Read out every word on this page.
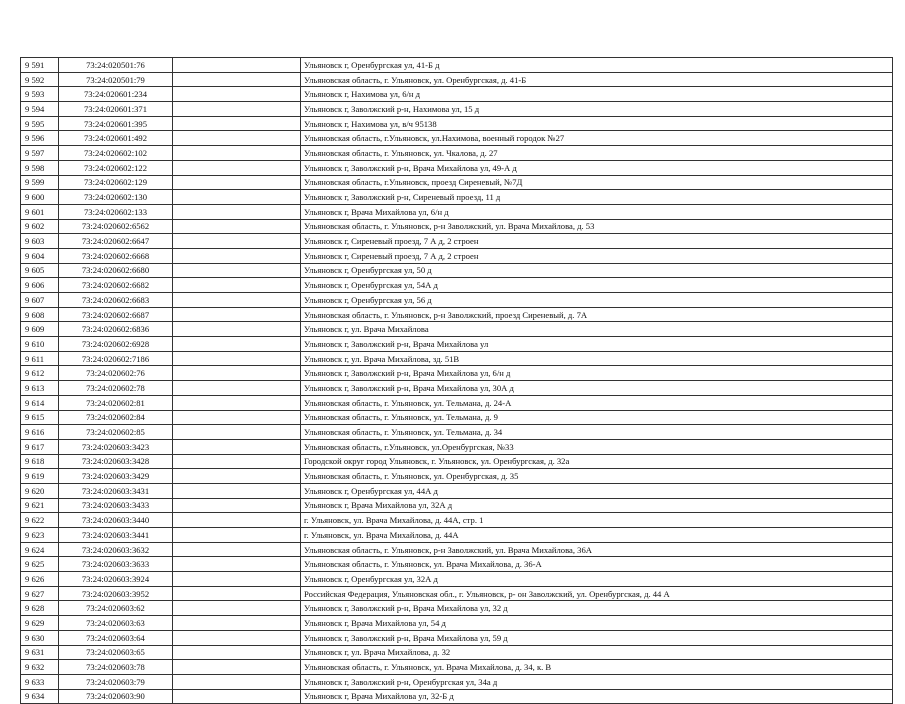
9 591	73:24:020501:76		Ульяновск г, Оренбургская ул, 41-Б д
9 592	73:24:020501:79		Ульяновская область, г. Ульяновск, ул. Оренбургская, д. 41-Б
9 593	73:24:020601:234		Ульяновск г, Нахимова ул, 6/н д
9 594	73:24:020601:371		Ульяновск г, Заволжский р-н, Нахимова ул, 15 д
9 595	73:24:020601:395		Ульяновск г, Нахимова ул, в/ч 95138
9 596	73:24:020601:492		Ульяновская область, г.Ульяновск, ул.Нахимова, военный городок №27
9 597	73:24:020602:102		Ульяновская область, г. Ульяновск, ул. Чкалова, д. 27
9 598	73:24:020602:122		Ульяновск г, Заволжский р-н, Врача Михайлова ул, 49-А д
9 599	73:24:020602:129		Ульяновская область, г.Ульяновск, проезд Сиреневый, №7Д
9 600	73:24:020602:130		Ульяновск г, Заволжский р-н, Сиреневый проезд, 11 д
9 601	73:24:020602:133		Ульяновск г, Врача Михайлова ул, 6/н д
9 602	73:24:020602:6562		Ульяновская область, г. Ульяновск, р-н Заволжский, ул. Врача Михайлова, д. 53
9 603	73:24:020602:6647		Ульяновск г, Сиреневый проезд, 7 А д, 2 строен
9 604	73:24:020602:6668		Ульяновск г, Сиреневый проезд, 7 А д, 2 строен
9 605	73:24:020602:6680		Ульяновск г, Оренбургская ул, 50 д
9 606	73:24:020602:6682		Ульяновск г, Оренбургская ул, 54А д
9 607	73:24:020602:6683		Ульяновск г, Оренбургская ул, 56 д
9 608	73:24:020602:6687		Ульяновская область, г. Ульяновск, р-н Заволжский, проезд Сиреневый, д. 7А
9 609	73:24:020602:6836		Ульяновск г, ул. Врача Михайлова
9 610	73:24:020602:6928		Ульяновск г, Заволжский р-н, Врача Михайлова ул
9 611	73:24:020602:7186		Ульяновск г, ул. Врача Михайлова, зд. 51В
9 612	73:24:020602:76		Ульяновск г, Заволжский р-н, Врача Михайлова ул, 6/н д
9 613	73:24:020602:78		Ульяновск г, Заволжский р-н, Врача Михайлова ул, 30А д
9 614	73:24:020602:81		Ульяновская область, г. Ульяновск, ул. Тельмана, д. 24-А
9 615	73:24:020602:84		Ульяновская область, г. Ульяновск, ул. Тельмана, д. 9
9 616	73:24:020602:85		Ульяновская область, г. Ульяновск, ул. Тельмана, д. 34
9 617	73:24:020603:3423		Ульяновская область, г.Ульяновск, ул.Оренбургская, №33
9 618	73:24:020603:3428		Городской округ город Ульяновск, г. Ульяновск, ул. Оренбургская, д. 32а
9 619	73:24:020603:3429		Ульяновская область, г. Ульяновск, ул. Оренбургская, д. 35
9 620	73:24:020603:3431		Ульяновск г, Оренбургская ул, 44А д
9 621	73:24:020603:3433		Ульяновск г, Врача Михайлова ул, 32А д
9 622	73:24:020603:3440		г. Ульяновск, ул. Врача Михайлова, д. 44А, стр. 1
9 623	73:24:020603:3441		г. Ульяновск, ул. Врача Михайлова, д. 44А
9 624	73:24:020603:3632		Ульяновская область, г. Ульяновск, р-н Заволжский, ул. Врача Михайлова, 36А
9 625	73:24:020603:3633		Ульяновская область, г. Ульяновск, ул. Врача Михайлова, д. 36-А
9 626	73:24:020603:3924		Ульяновск г, Оренбургская ул, 32А д
9 627	73:24:020603:3952		Российская Федерация, Ульяновская обл., г. Ульяновск, р- он Заволжский, ул. Оренбургская, д. 44 А
9 628	73:24:020603:62		Ульяновск г, Заволжский р-н, Врача Михайлова ул, 32 д
9 629	73:24:020603:63		Ульяновск г, Врача Михайлова ул, 54 д
9 630	73:24:020603:64		Ульяновск г, Заволжский р-н, Врача Михайлова ул, 59 д
9 631	73:24:020603:65		Ульяновск г, ул. Врача Михайлова, д. 32
9 632	73:24:020603:78		Ульяновская область, г. Ульяновск, ул. Врача Михайлова, д. 34, к. В
9 633	73:24:020603:79		Ульяновск г, Заволжский р-н, Оренбургская ул, 34а д
9 634	73:24:020603:90		Ульяновск г, Врача Михайлова ул, 32-Б д
